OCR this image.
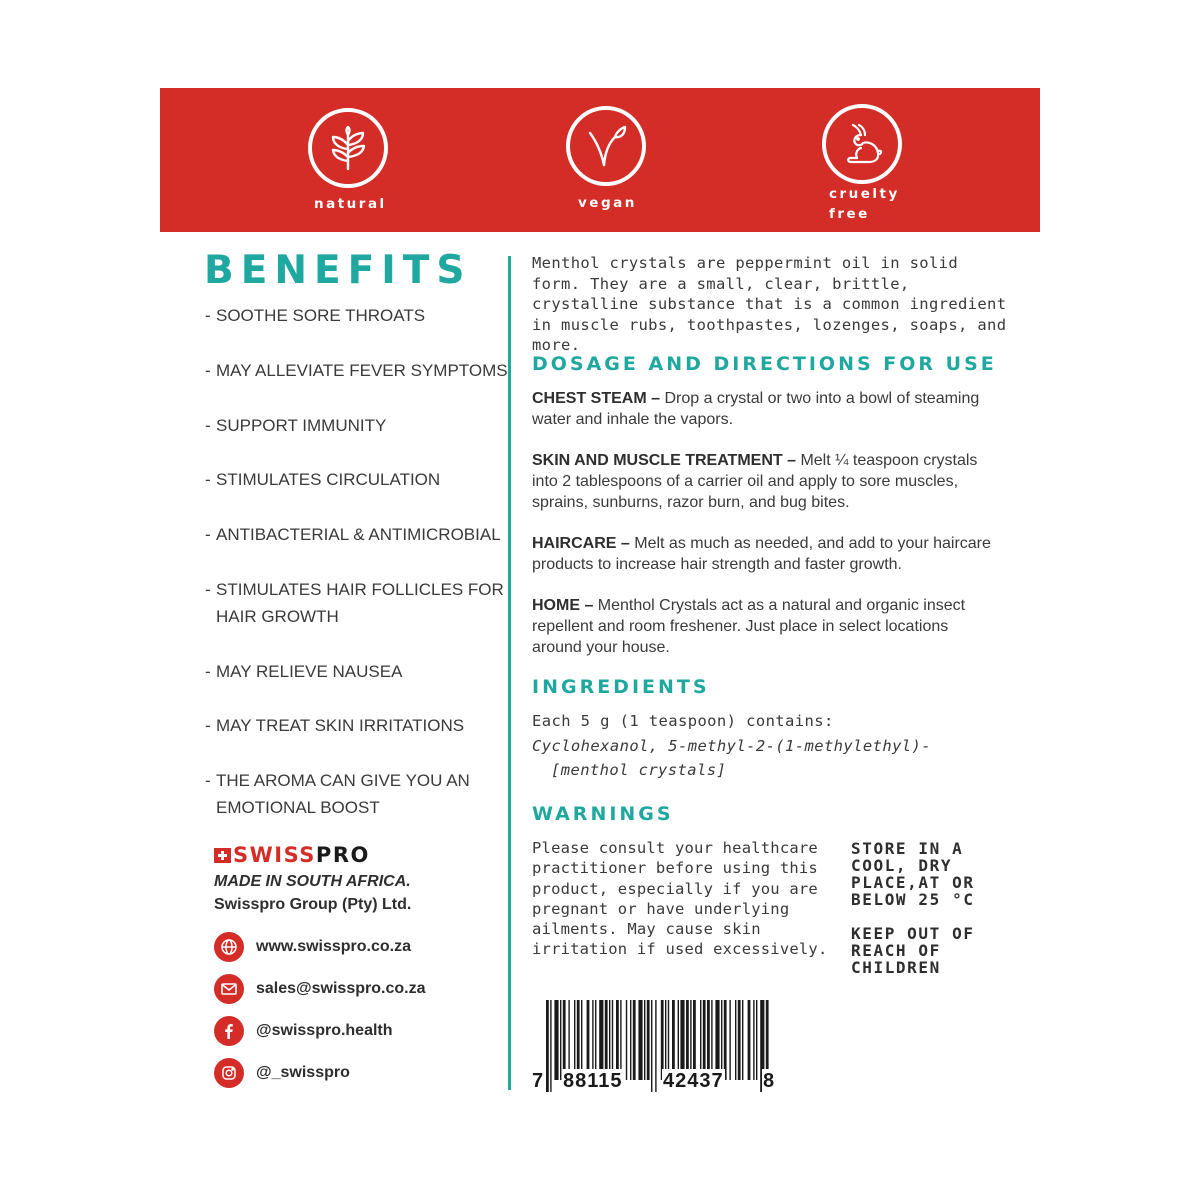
natural	vegan
cruelty
free
BENEFITS
- SOOTHE SORE THROATS
- MAY ALLEVIATE FEVER SYMPTOMS
- SUPPORT IMMUNITY
- STIMULATES CIRCULATION
- ANTIBACTERIAL & ANTIMICROBIAL
- STIMULATES HAIR FOLLICLES FOR HAIR GROWTH
- MAY RELIEVE NAUSEA
- MAY TREAT SKIN IRRITATIONS
- THE AROMA CAN GIVE YOU AN EMOTIONAL BOOST
SWISS PRO
MADE IN SOUTH AFRICA.
Swisspro Group (Pty) Ltd.
www.swisspro.co.za
sales@swisspro.co.za
@swisspro.health
@_swisspro
Menthol crystals are peppermint oil in solid form. They are a small, clear, brittle, crystalline substance that is a common ingredient in muscle rubs, toothpastes, lozenges, soaps, and more.
DOSAGE AND DIRECTIONS FOR USE
CHEST STEAM – Drop a crystal or two into a bowl of steaming water and inhale the vapors.
SKIN AND MUSCLE TREATMENT – Melt ¼ teaspoon crystals into 2 tablespoons of a carrier oil and apply to sore muscles, sprains, sunburns, razor burn, and bug bites.
HAIRCARE – Melt as much as needed, and add to your haircare products to increase hair strength and faster growth.
HOME – Menthol Crystals act as a natural and organic insect repellent and room freshener. Just place in select locations around your house.
INGREDIENTS
Each 5 g (1 teaspoon) contains:
Cyclohexanol, 5-methyl-2-(1-methylethyl)-
[menthol crystals]
WARNINGS
Please consult your healthcare practitioner before using this product, especially if you are pregnant or have underlying ailments. May cause skin irritation if used excessively.
STORE IN A COOL, DRY PLACE,AT OR BELOW 25 °C
KEEP OUT OF REACH OF CHILDREN
7 88115 42437 8
